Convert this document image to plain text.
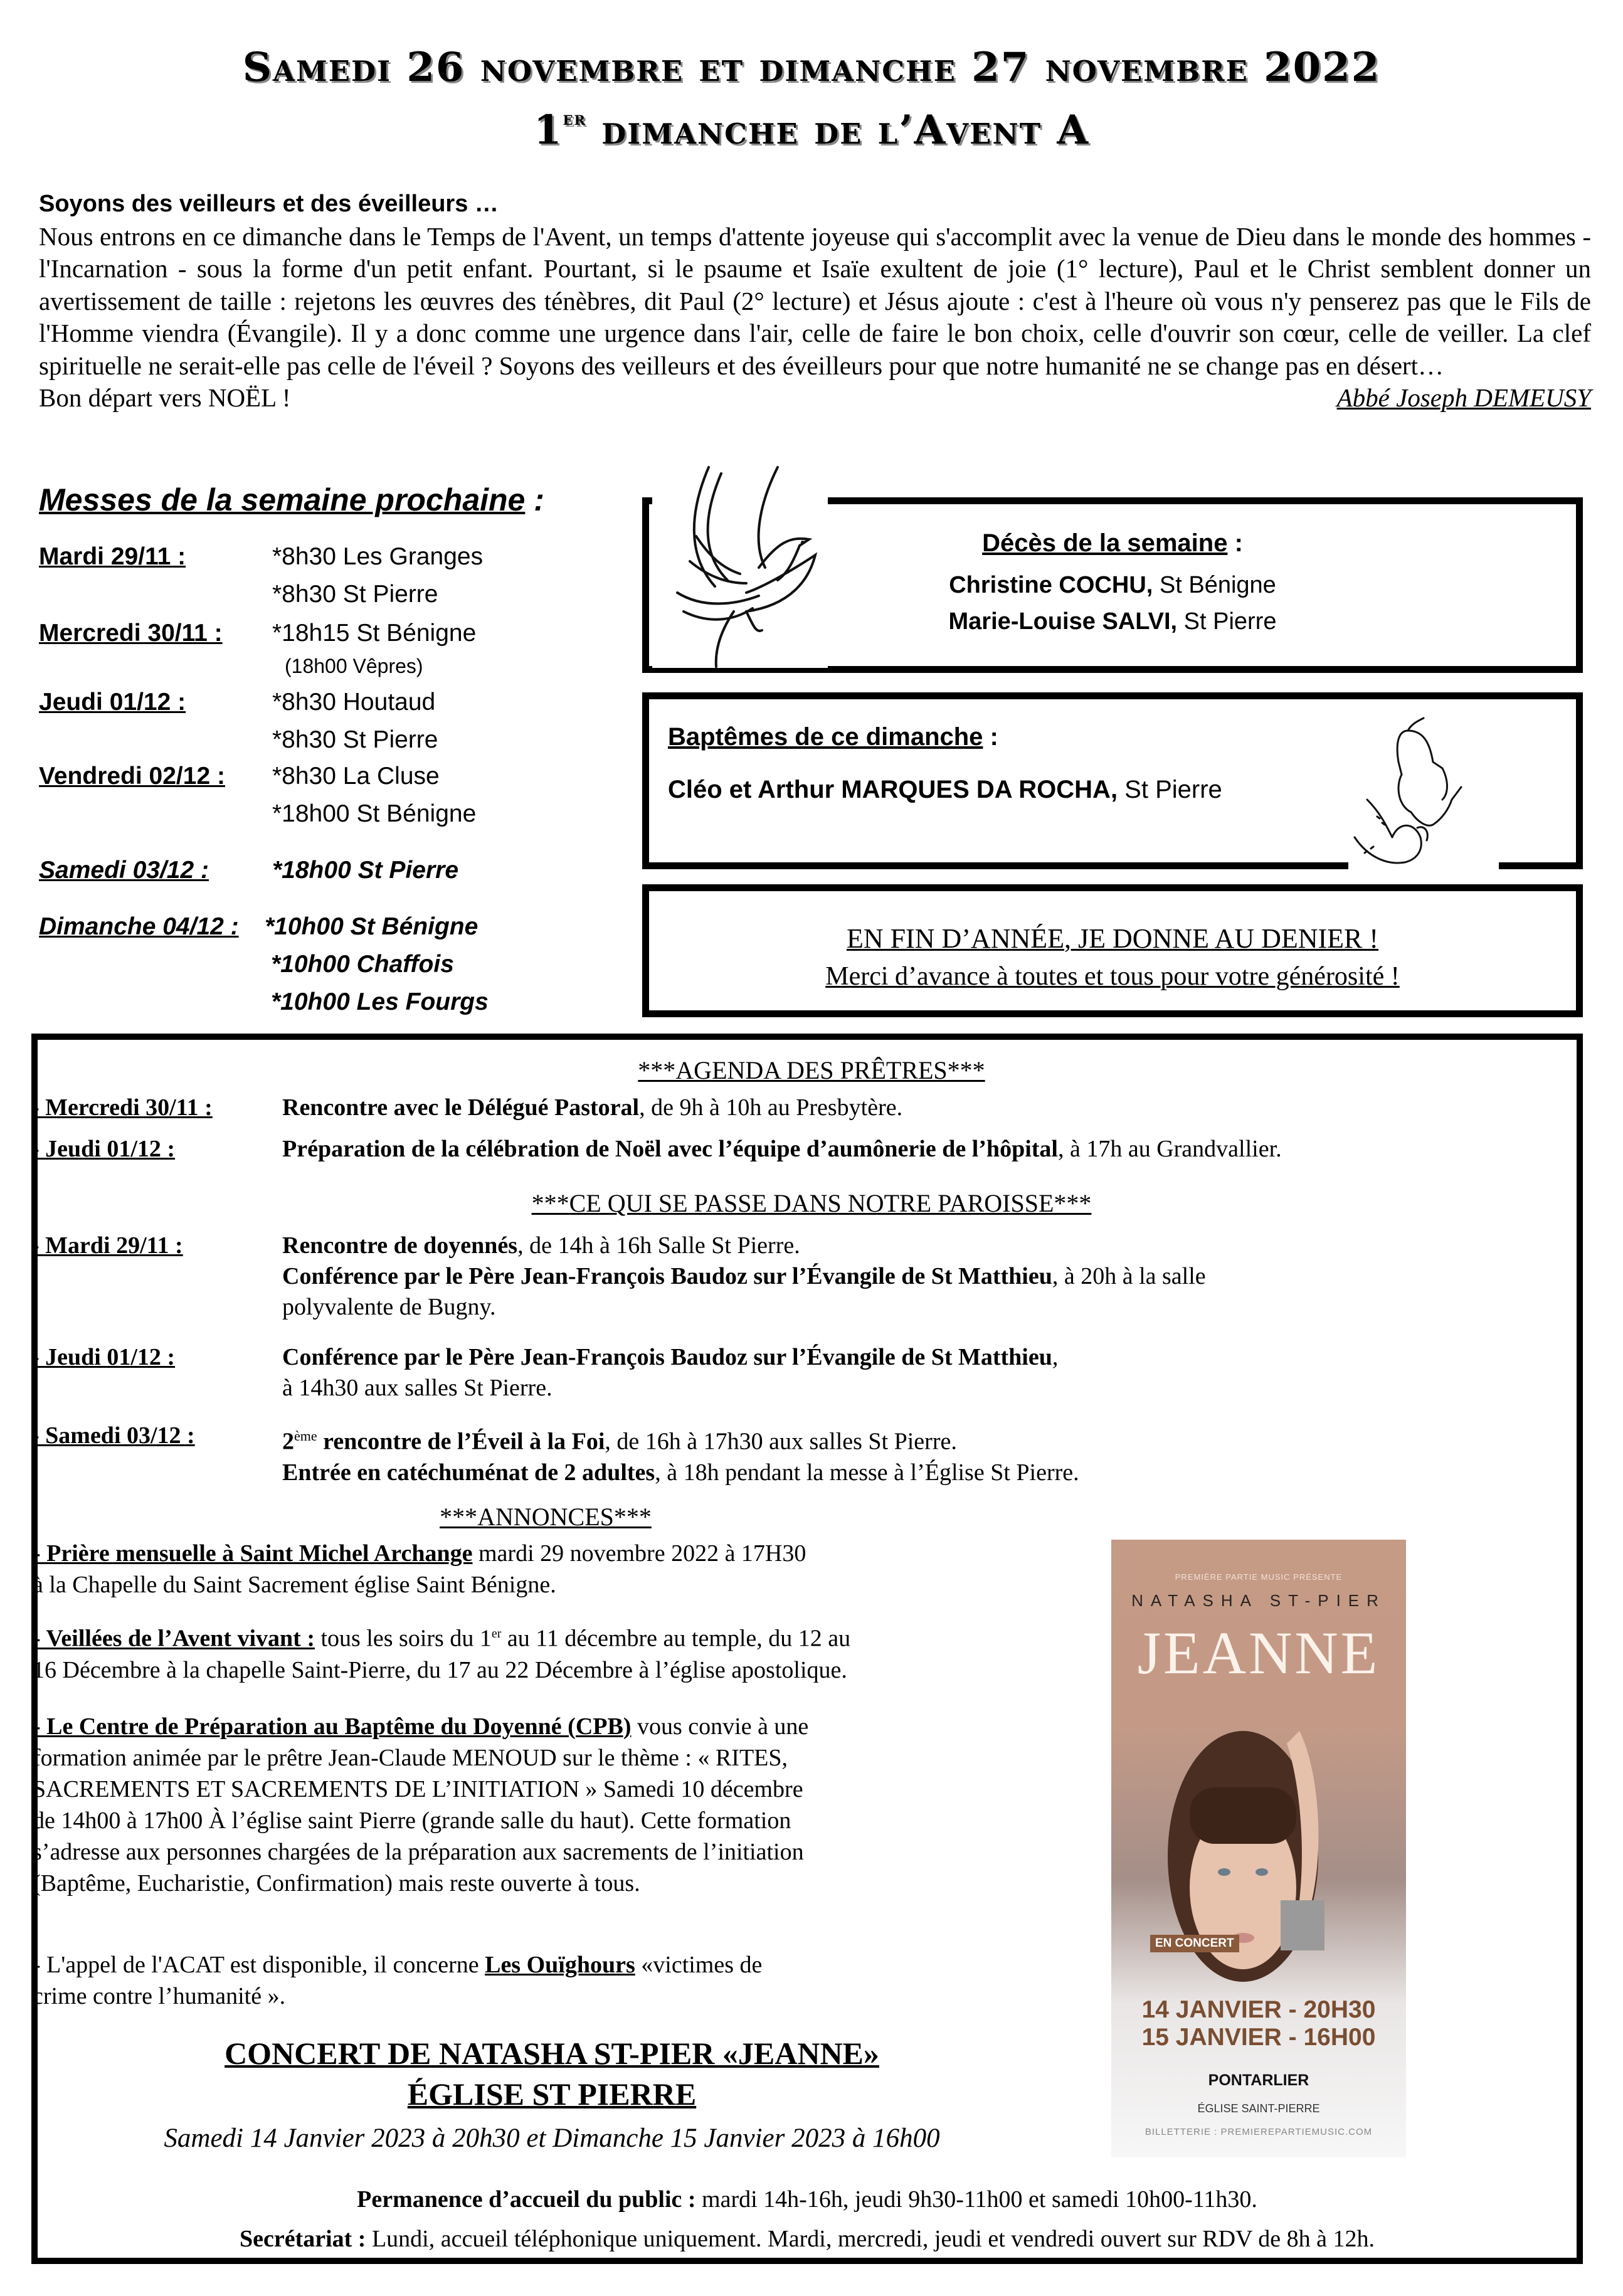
Samedi 26 novembre et dimanche 27 novembre 2022
1er dimanche de l’Avent A
Soyons des veilleurs et des éveilleurs …

Nous entrons en ce dimanche dans le Temps de l'Avent, un temps d'attente joyeuse qui s'accomplit avec la venue de Dieu dans le monde des hommes - l'Incarnation - sous la forme d'un petit enfant. Pourtant, si le psaume et Isaïe exultent de joie (1° lecture), Paul et le Christ semblent donner un avertissement de taille : rejetons les œuvres des ténèbres, dit Paul (2° lecture) et Jésus ajoute : c'est à l'heure où vous n'y penserez pas que le Fils de l'Homme viendra (Évangile). Il y a donc comme une urgence dans l'air, celle de faire le bon choix, celle d'ouvrir son cœur, celle de veiller. La clef spirituelle ne serait-elle pas celle de l'éveil ? Soyons des veilleurs et des éveilleurs pour que notre humanité ne se change pas en désert…

Bon départ vers NOËL !	Abbé Joseph DEMEUSY
Messes de la semaine prochaine :
Mardi 29/11 :	*8h30 Les Granges
*8h30 St Pierre
Mercredi 30/11 : *18h15 St Bénigne
(18h00 Vêpres)
Jeudi 01/12 :	*8h30 Houtaud
*8h30 St Pierre
Vendredi 02/12 : *8h30 La Cluse
*18h00 St Bénigne
Samedi 03/12 :	*18h00 St Pierre
Dimanche 04/12 : *10h00 St Bénigne
*10h00 Chaffois
*10h00 Les Fourgs
Décès de la semaine :
Christine COCHU, St Bénigne
Marie-Louise SALVI, St Pierre
Baptêmes de ce dimanche :
Cléo et Arthur MARQUES DA ROCHA, St Pierre
EN FIN D’ANNÉE, JE DONNE AU DENIER !
Merci d’avance à toutes et tous pour votre générosité !
***AGENDA DES PRÊTRES***
- Mercredi 30/11 :	Rencontre avec le Délégué Pastoral, de 9h à 10h au Presbytère.
- Jeudi 01/12 :	Préparation de la célébration de Noël avec l’équipe d’aumônerie de l’hôpital, à 17h au Grandvallier.
***CE QUI SE PASSE DANS NOTRE PAROISSE***
- Mardi 29/11 :	Rencontre de doyennés, de 14h à 16h Salle St Pierre.
Conférence par le Père Jean-François Baudoz sur l’Évangile de St Matthieu, à 20h à la salle
polyvalente de Bugny.
- Jeudi 01/12 :	Conférence par le Père Jean-François Baudoz sur l’Évangile de St Matthieu,
à 14h30 aux salles St Pierre.
- Samedi 03/12 :	2ème rencontre de l’Éveil à la Foi, de 16h à 17h30 aux salles St Pierre.
Entrée en catéchuménat de 2 adultes, à 18h pendant la messe à l’Église St Pierre.
***ANNONCES***
- Prière mensuelle à Saint Michel Archange mardi 29 novembre 2022 à 17H30
à la Chapelle du Saint Sacrement église Saint Bénigne.
- Veillées de l’Avent vivant : tous les soirs du 1er au 11 décembre au temple, du 12 au
16 Décembre à la chapelle Saint-Pierre, du 17 au 22 Décembre à l’église apostolique.
- Le Centre de Préparation au Baptême du Doyenné (CPB) vous convie à une
formation animée par le prêtre Jean-Claude MENOUD sur le thème : « RITES,
SACREMENTS ET SACREMENTS DE L’INITIATION » Samedi 10 décembre
de 14h00 à 17h00 À l’église saint Pierre (grande salle du haut). Cette formation
s’adresse aux personnes chargées de la préparation aux sacrements de l’initiation
(Baptême, Eucharistie, Confirmation) mais reste ouverte à tous.
- L'appel de l'ACAT est disponible, il concerne Les Ouïghours «victimes de
crime contre l’humanité ».
PREMIÈRE PARTIE MUSIC PRÉSENTE
NATASHA ST-PIER
JEANNE
EN CONCERT
14 JANVIER - 20H30
15 JANVIER - 16H00
PONTARLIER
ÉGLISE SAINT-PIERRE
BILLETTERIE : PREMIEREPARTIEMUSIC.COM
CONCERT DE NATASHA ST-PIER «JEANNE»
ÉGLISE ST PIERRE
Samedi 14 Janvier 2023 à 20h30 et Dimanche 15 Janvier 2023 à 16h00
Permanence d’accueil du public : mardi 14h-16h, jeudi 9h30-11h00 et samedi 10h00-11h30.
Secrétariat : Lundi, accueil téléphonique uniquement. Mardi, mercredi, jeudi et vendredi ouvert sur RDV de 8h à 12h.
